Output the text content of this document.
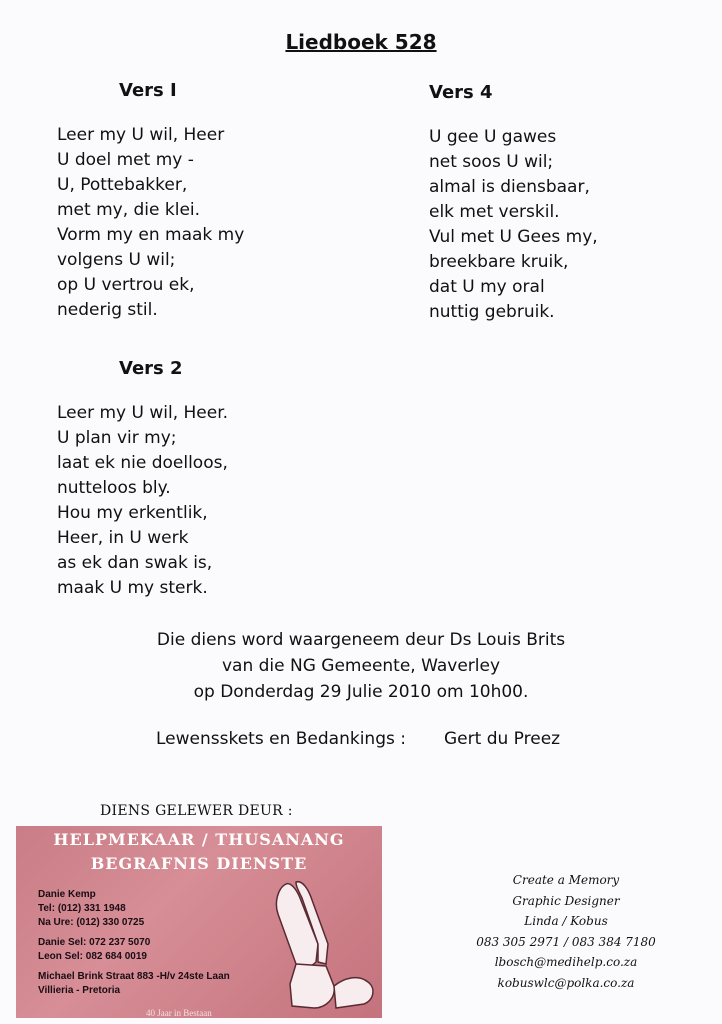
Liedboek 528
Vers I
Leer my U wil, Heer
U doel met my -
U, Pottebakker,
met my, die klei.
Vorm my en maak my
volgens U wil;
op U vertrou ek,
nederig stil.
Vers 4
U gee U gawes
net soos U wil;
almal is diensbaar,
elk met verskil.
Vul met U Gees my,
breekbare kruik,
dat U my oral
nuttig gebruik.
Vers 2
Leer my U wil, Heer.
U plan vir my;
laat ek nie doelloos,
nutteloos bly.
Hou my erkentlik,
Heer, in U werk
as ek dan swak is,
maak U my sterk.
Die diens word waargeneem deur Ds Louis Brits
van die NG Gemeente, Waverley
op Donderdag 29 Julie 2010 om 10h00.
Lewensskets en Bedankings : Gert du Preez
DIENS GELEWER DEUR :
HELPMEKAAR / THUSANANG
BEGRAFNIS DIENSTE
Danie Kemp
Tel: (012) 331 1948
Na Ure: (012) 330 0725
Danie Sel: 072 237 5070
Leon Sel: 082 684 0019
Michael Brink Straat 883 -H/v 24ste Laan
Villieria - Pretoria
40 Jaar in Bestaan
Create a Memory
Graphic Designer
Linda / Kobus
083 305 2971 / 083 384 7180
lbosch@medihelp.co.za
kobuswlc@polka.co.za
